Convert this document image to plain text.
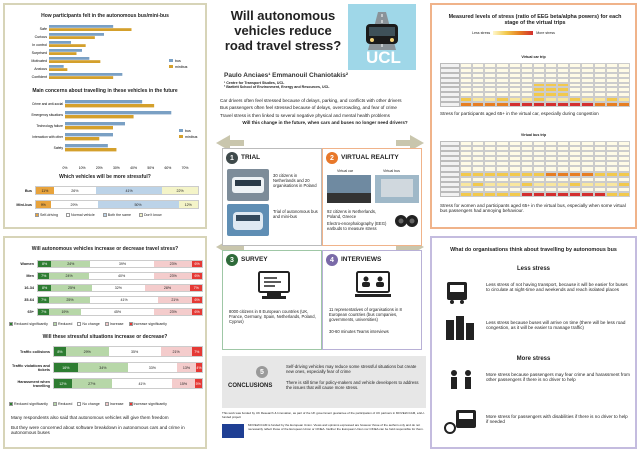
How participants felt in the autonomous bus/mini-bus
Safe
Curious
In control
Surprised
Motivated
Anxious
Confident
bus
minibus
Main concerns about travelling in these vehicles in the future
Crime and anti-social
Emergency situations
Technology failure
Interaction with other
Safety
0%	10%	20%	30%	40%	50%	60%	70%
bus
minibus
Which vehicles will be more stressful?
Bus	11%	26%	41%	22%
Mini-bus	9%	29%	50%	12%
Self-driving	Normal vehicle	Both the same	Don't know
Will autonomous vehicles increase or decrease travel stress?
Women	8%	24%	39%	23%	6%
Men	7%	24%	40%	23%	6%
16-34	8%	25%	32%	28%	7%
35-64	7%	25%	41%	21%	6%
65+	7%	19%	45%	23%	6%
Reduced significantly	Reduced	No change	Increase	Increase significantly
Will these stressful situations increase or decrease?
Traffic collisions	8%	29%	35%	21%	7%
Traffic violations and tickets	16%	34%	33%	13%	4%
Harassment when travelling	12%	27%	41%	15%	5%
Reduced significantly	Reduced	No change	Increase	Increase significantly
Many respondents also said that autonomous vehicles will give them freedom
But they were concerned about software breakdown in autonomous cars and crime in autonomous buses
Will autonomous vehicles reduce road travel stress?
UCL
Paulo Anciaes¹ Emmanouil Chaniotakis²
¹ Centre for Transport Studies, UCL
² Bartlett School of Environment, Energy and Resources, UCL
Car drivers often feel stressed because of delays, parking, and conflicts with other drivers
Bus passengers often feel stressed because of delays, overcrowding, and fear of crime
Travel stress is then linked to several negative physical and mental health problems
Will this change in the future, when cars and buses no longer need drivers?
1	TRIAL
30 citizens in Netherlands and 20 organisations in Poland
Trial of autonomous bus and mini-bus
2	VIRTUAL REALITY
Virtual car	Virtual bus
92 citizens in Netherlands, Poland, Greece
Electro-encephalography (EEG) earbuds to measure stress
3	SURVEY
8000 citizens in 8 European countries (UK, France, Germany, Spain, Netherlands, Poland, Cyprus)
4	INTERVIEWS
11 representatives of organisations in 8 European countries (bus companies, governments, universities)
30-60 minutes Teams interviews
5
CONCLUSIONS
Self-driving vehicles may reduce some stressful situations but create new ones, especially fear of crime
There is still time for policy-makers and vehicle developers to address the issues that will cause more stress.
This work was funded by UK Research & Innovation, as part of the UK government guarantee of the participation of UK partners in MOVE2CCAM, a EU-funded project
MOVE2CCAM is funded by the European Union. Views and opinions expressed are however those of the authors only and do not necessarily reflect those of the European Union or CINEA. Neither the European Union nor CINEA can be held responsible for them.
Measured levels of stress (ratio of EEG beta/alpha powers) for each stage of the virtual trips
Less stress	More stress
Virtual car trip
Stress for participants aged 65+ in the virtual car, especially during congestion
Virtual bus trip
Stress for women and participants aged 65+ in the virtual bus, especially when some virtual bus passengers had annoying behaviour.
What do organisations think about travelling by autonomous bus
Less stress
Less stress of not having transport, because it will be easier for buses to circulate at night-time and weekends and reach isolated places
Less stress because buses will arrive on time (there will be less road congestion, as it will be easier to manage traffic)
More stress
More stress because passengers may fear crime and harassment from other passengers if there is no driver to help
More stress for passengers with disabilities if there is no driver to help if needed
